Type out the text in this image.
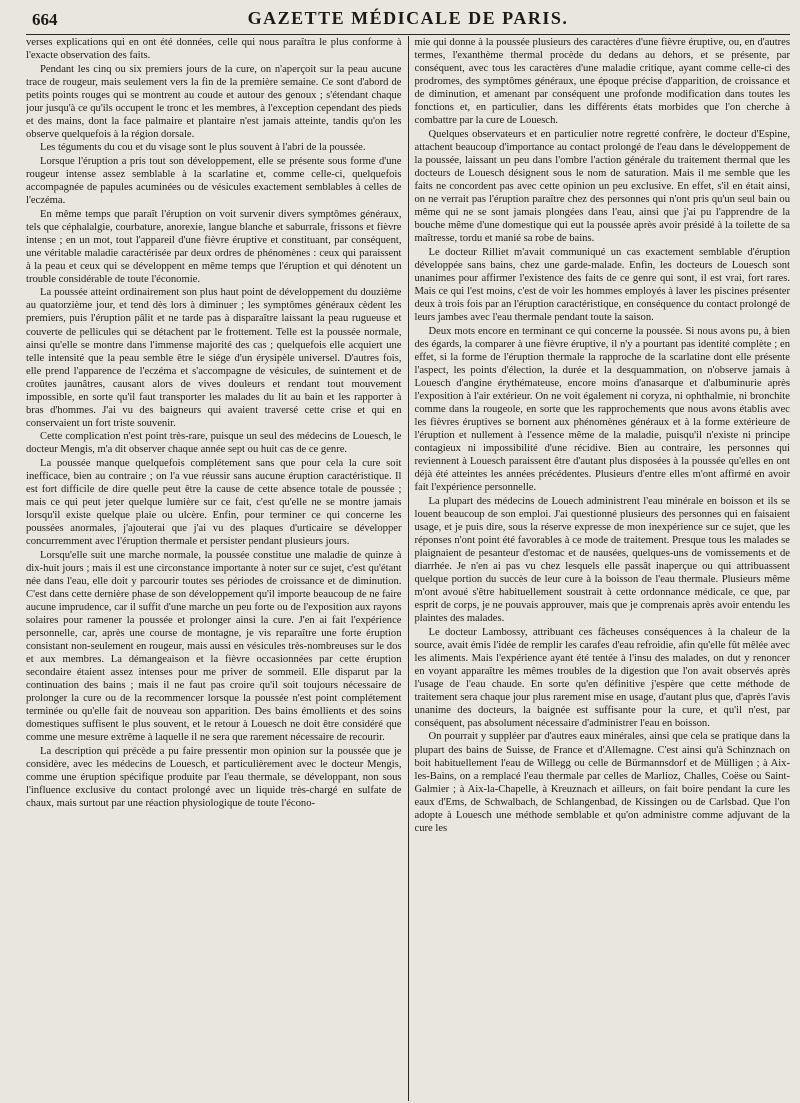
664	GAZETTE MÉDICALE DE PARIS.

verses explications qui en ont été données, celle qui nous paraîtra le plus conforme à l'exacte observation des faits.

Pendant les cinq ou six premiers jours de la cure, on n'aperçoit sur la peau aucune trace de rougeur, mais seulement vers la fin de la première semaine. Ce sont d'abord de petits points rouges qui se montrent au coude et autour des genoux ; s'étendant chaque jour jusqu'à ce qu'ils occupent le tronc et les membres, à l'exception cependant des pieds et des mains, dont la face palmaire et plantaire n'est jamais atteinte, tandis qu'on les observe quelquefois à la région dorsale.

Les téguments du cou et du visage sont le plus souvent à l'abri de la poussée.

Lorsque l'éruption a pris tout son développement, elle se présente sous forme d'une rougeur intense assez semblable à la scarlatine et, comme celle-ci, quelquefois accompagnée de papules acuminées ou de vésicules exactement semblables à celles de l'eczéma.

En même temps que paraît l'éruption on voit survenir divers symptômes généraux, tels que céphalalgie, courbature, anorexie, langue blanche et saburrale, frissons et fièvre intense ; en un mot, tout l'appareil d'une fièvre éruptive et constituant, par conséquent, une véritable maladie caractérisée par deux ordres de phénomènes : ceux qui paraissent à la peau et ceux qui se développent en même temps que l'éruption et qui dénotent un trouble considérable de toute l'économie.

La poussée atteint ordinairement son plus haut point de développement du douzième au quatorzième jour, et tend dès lors à diminuer ; les symptômes généraux cèdent les premiers, puis l'éruption pâlit et ne tarde pas à disparaître laissant la peau rugueuse et couverte de pellicules qui se détachent par le frottement. Telle est la poussée normale, ainsi qu'elle se montre dans l'immense majorité des cas ; quelquefois elle acquiert une telle intensité que la peau semble être le siége d'un érysipèle universel. D'autres fois, elle prend l'apparence de l'eczéma et s'accompagne de vésicules, de suintement et de croûtes jaunâtres, causant alors de vives douleurs et rendant tout mouvement impossible, en sorte qu'il faut transporter les malades du lit au bain et les rapporter à bras d'hommes. J'ai vu des baigneurs qui avaient traversé cette crise et qui en conservaient un fort triste souvenir.

Cette complication n'est point très-rare, puisque un seul des médecins de Louesch, le docteur Mengis, m'a dit observer chaque année sept ou huit cas de ce genre.

La poussée manque quelquefois complétement sans que pour cela la cure soit inefficace, bien au contraire ; on l'a vue réussir sans aucune éruption caractéristique. Il est fort difficile de dire quelle peut être la cause de cette absence totale de poussée ; mais ce qui peut jeter quelque lumière sur ce fait, c'est qu'elle ne se montre jamais lorsqu'il existe quelque plaie ou ulcère. Enfin, pour terminer ce qui concerne les poussées anormales, j'ajouterai que j'ai vu des plaques d'urticaire se développer concurremment avec l'éruption thermale et persister pendant plusieurs jours.

Lorsqu'elle suit une marche normale, la poussée constitue une maladie de quinze à dix-huit jours ; mais il est une circonstance importante à noter sur ce sujet, c'est qu'étant née dans l'eau, elle doit y parcourir toutes ses périodes de croissance et de diminution. C'est dans cette dernière phase de son développement qu'il importe beaucoup de ne faire aucune imprudence, car il suffit d'une marche un peu forte ou de l'exposition aux rayons solaires pour ramener la poussée et prolonger ainsi la cure. J'en ai fait l'expérience personnelle, car, après une course de montagne, je vis reparaître une forte éruption consistant non-seulement en rougeur, mais aussi en vésicules très-nombreuses sur le dos et aux membres. La démangeaison et la fièvre occasionnées par cette éruption secondaire étaient assez intenses pour me priver de sommeil. Elle disparut par la continuation des bains ; mais il ne faut pas croire qu'il soit toujours nécessaire de prolonger la cure ou de la recommencer lorsque la poussée n'est point complétement terminée ou qu'elle fait de nouveau son apparition. Des bains émollients et des soins domestiques suffisent le plus souvent, et le retour à Louesch ne doit être considéré que comme une mesure extrême à laquelle il ne sera que rarement nécessaire de recourir.

La description qui précède a pu faire pressentir mon opinion sur la poussée que je considère, avec les médecins de Louesch, et particulièrement avec le docteur Mengis, comme une éruption spécifique produite par l'eau thermale, se développant, non sous l'influence exclusive du contact prolongé avec un liquide très-chargé en sulfate de chaux, mais surtout par une réaction physiologique de toute l'écono-

mie qui donne à la poussée plusieurs des caractères d'une fièvre éruptive, ou, en d'autres termes, l'exanthème thermal procède du dedans au dehors, et se présente, par conséquent, avec tous les caractères d'une maladie critique, ayant comme celle-ci des prodromes, des symptômes généraux, une époque précise d'apparition, de croissance et de diminution, et amenant par conséquent une profonde modification dans toutes les fonctions et, en particulier, dans les différents états morbides que l'on cherche à combattre par la cure de Louesch.

Quelques observateurs et en particulier notre regretté confrère, le docteur d'Espine, attachent beaucoup d'importance au contact prolongé de l'eau dans le développement de la poussée, laissant un peu dans l'ombre l'action générale du traitement thermal que les docteurs de Louesch désignent sous le nom de saturation. Mais il me semble que les faits ne concordent pas avec cette opinion un peu exclusive. En effet, s'il en était ainsi, on ne verrait pas l'éruption paraître chez des personnes qui n'ont pris qu'un seul bain ou même qui ne se sont jamais plongées dans l'eau, ainsi que j'ai pu l'apprendre de la bouche même d'une domestique qui eut la poussée après avoir présidé à la toilette de sa maîtresse, tordu et manié sa robe de bains.

Le docteur Rilliet m'avait communiqué un cas exactement semblable d'éruption développée sans bains, chez une garde-malade. Enfin, les docteurs de Louesch sont unanimes pour affirmer l'existence des faits de ce genre qui sont, il est vrai, fort rares. Mais ce qui l'est moins, c'est de voir les hommes employés à laver les piscines présenter deux à trois fois par an l'éruption caractéristique, en conséquence du contact prolongé de leurs jambes avec l'eau thermale pendant toute la saison.

Deux mots encore en terminant ce qui concerne la poussée. Si nous avons pu, à bien des égards, la comparer à une fièvre éruptive, il n'y a pourtant pas identité complète ; en effet, si la forme de l'éruption thermale la rapproche de la scarlatine dont elle présente l'aspect, les points d'élection, la durée et la desquammation, on n'observe jamais à Louesch d'angine érythémateuse, encore moins d'anasarque et d'albuminurie après l'exposition à l'air extérieur. On ne voit également ni coryza, ni ophthalmie, ni bronchite comme dans la rougeole, en sorte que les rapprochements que nous avons établis avec les fièvres éruptives se bornent aux phénomènes généraux et à la forme extérieure de l'éruption et nullement à l'essence même de la maladie, puisqu'il n'existe ni principe contagieux ni impossibilité d'une récidive. Bien au contraire, les personnes qui reviennent à Louesch paraissent être d'autant plus disposées à la poussée qu'elles en ont déjà été atteintes les années précédentes. Plusieurs d'entre elles m'ont affirmé en avoir fait l'expérience personnelle.

La plupart des médecins de Louech administrent l'eau minérale en boisson et ils se louent beaucoup de son emploi. J'ai questionné plusieurs des personnes qui en faisaient usage, et je puis dire, sous la réserve expresse de mon inexpérience sur ce sujet, que les réponses n'ont point été favorables à ce mode de traitement. Presque tous les malades se plaignaient de pesanteur d'estomac et de nausées, quelques-uns de vomissements et de diarrhée. Je n'en ai pas vu chez lesquels elle passât inaperçue ou qui attribuassent quelque portion du succès de leur cure à la boisson de l'eau thermale. Plusieurs même m'ont avoué s'être habituellement soustrait à cette ordonnance médicale, ce que, par esprit de corps, je ne pouvais approuver, mais que je comprenais après avoir entendu les plaintes des malades.

Le docteur Lambossy, attribuant ces fâcheuses conséquences à la chaleur de la source, avait émis l'idée de remplir les carafes d'eau refroidie, afin qu'elle fût mêlée avec les aliments. Mais l'expérience ayant été tentée à l'insu des malades, on dut y renoncer en voyant apparaître les mêmes troubles de la digestion que l'on avait observés après l'usage de l'eau chaude. En sorte qu'en définitive j'espère que cette méthode de traitement sera chaque jour plus rarement mise en usage, d'autant plus que, d'après l'avis unanime des docteurs, la baignée est suffisante pour la cure, et qu'il n'est, par conséquent, pas absolument nécessaire d'administrer l'eau en boisson.

On pourrait y suppléer par d'autres eaux minérales, ainsi que cela se pratique dans la plupart des bains de Suisse, de France et d'Allemagne. C'est ainsi qu'à Schinznach on boit habituellement l'eau de Willegg ou celle de Bürmannsdorf et de Mülligen ; à Aix-les-Bains, on a remplacé l'eau thermale par celles de Marlioz, Challes, Coëse ou Saint-Galmier ; à Aix-la-Chapelle, à Kreuznach et ailleurs, on fait boire pendant la cure les eaux d'Ems, de Schwalbach, de Schlangenbad, de Kissingen ou de Carlsbad. Que l'on adopte à Louesch une méthode semblable et qu'on administre comme adjuvant de la cure les
